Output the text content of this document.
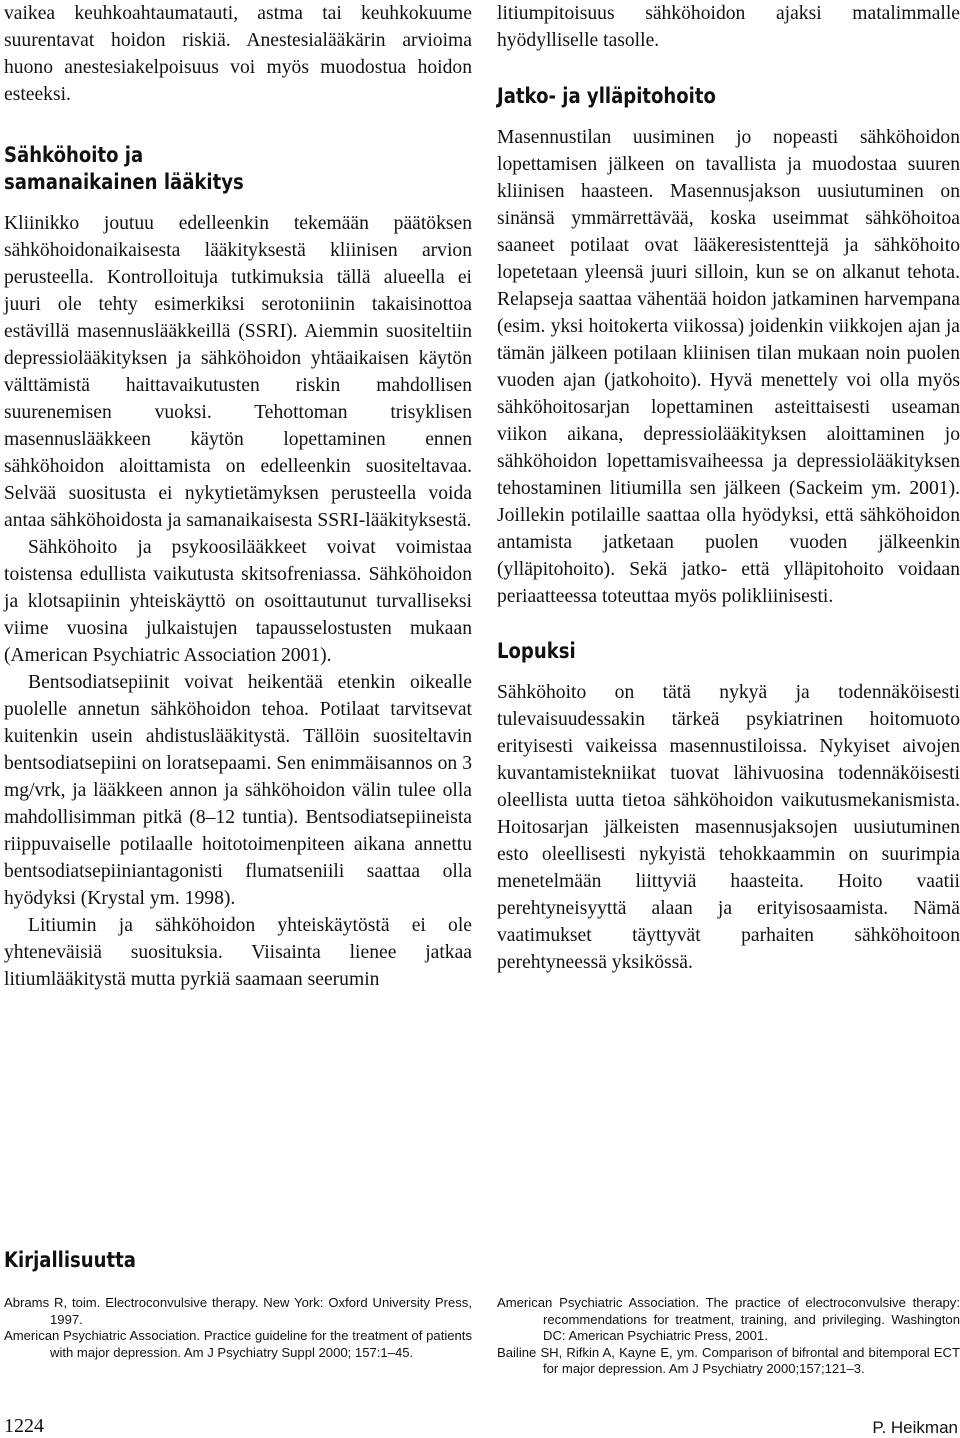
vaikea keuhkoahtaumatauti, astma tai keuhkokuume suurentavat hoidon riskiä. Anestesialääkärin arvioima huono anestesiakelpoisuus voi myös muodostua hoidon esteeksi.

Sähköhoito ja samanaikainen lääkitys

Kliinikko joutuu edelleenkin tekemään päätöksen sähköhoidonaikaisesta lääkityksestä kliinisen arvion perusteella. Kontrolloituja tutkimuksia tällä alueella ei juuri ole tehty esimerkiksi serotoniinin takaisinottoa estävillä masennuslääkkeillä (SSRI). Aiemmin suositeltiin depressiolääkityksen ja sähköhoidon yhtäaikaisen käytön välttämistä haittavaikutusten riskin mahdollisen suurenemisen vuoksi. Tehottoman trisyklisen masennuslääkkeen käytön lopettaminen ennen sähköhoidon aloittamista on edelleenkin suositeltavaa. Selvää suositusta ei nykytietämyksen perusteella voida antaa sähköhoidosta ja samanaikaisesta SSRI-lääkityksestä.

Sähköhoito ja psykoosilääkkeet voivat voimistaa toistensa edullista vaikutusta skitsofreniassa. Sähköhoidon ja klotsapiinin yhteiskäyttö on osoittautunut turvalliseksi viime vuosina julkaistujen tapausselostusten mukaan (American Psychiatric Association 2001).

Bentsodiatsepiinit voivat heikentää etenkin oikealle puolelle annetun sähköhoidon tehoa. Potilaat tarvitsevat kuitenkin usein ahdistuslääkitystä. Tällöin suositeltavin bentsodiatsepiini on loratsepaami. Sen enimmäisannos on 3 mg/vrk, ja lääkkeen annon ja sähköhoidon välin tulee olla mahdollisimman pitkä (8–12 tuntia). Bentsodiatsepiineista riippuvaiselle potilaalle hoitotoimenpiteen aikana annettu bentsodiatsepiiniantagonisti flumatseniili saattaa olla hyödyksi (Krystal ym. 1998).

Litiumin ja sähköhoidon yhteiskäytöstä ei ole yhteneväisiä suosituksia. Viisainta lienee jatkaa litiumlääkitystä mutta pyrkiä saamaan seerumin

litiumpitoisuus sähköhoidon ajaksi matalimmalle hyödylliselle tasolle.

Jatko- ja ylläpitohoito

Masennustilan uusiminen jo nopeasti sähköhoidon lopettamisen jälkeen on tavallista ja muodostaa suuren kliinisen haasteen. Masennusjakson uusiutuminen on sinänsä ymmärrettävää, koska useimmat sähköhoitoa saaneet potilaat ovat lääkeresistenttejä ja sähköhoito lopetetaan yleensä juuri silloin, kun se on alkanut tehota. Relapseja saattaa vähentää hoidon jatkaminen harvempana (esim. yksi hoitokerta viikossa) joidenkin viikkojen ajan ja tämän jälkeen potilaan kliinisen tilan mukaan noin puolen vuoden ajan (jatkohoito). Hyvä menettely voi olla myös sähköhoitosarjan lopettaminen asteittaisesti useaman viikon aikana, depressiolääkityksen aloittaminen jo sähköhoidon lopettamisvaiheessa ja depressiolääkityksen tehostaminen litiumilla sen jälkeen (Sackeim ym. 2001). Joillekin potilaille saattaa olla hyödyksi, että sähköhoidon antamista jatketaan puolen vuoden jälkeenkin (ylläpitohoito). Sekä jatko- että ylläpitohoito voidaan periaatteessa toteuttaa myös polikliinisesti.

Lopuksi

Sähköhoito on tätä nykyä ja todennäköisesti tulevaisuudessakin tärkeä psykiatrinen hoitomuoto erityisesti vaikeissa masennustiloissa. Nykyiset aivojen kuvantamistekniikat tuovat lähivuosina todennäköisesti oleellista uutta tietoa sähköhoidon vaikutusmekanismista. Hoitosarjan jälkeisten masennusjaksojen uusiutuminen esto oleellisesti nykyistä tehokkaammin on suurimpia menetelmään liittyviä haasteita. Hoito vaatii perehtyneisyyttä alaan ja erityisosaamista. Nämä vaatimukset täyttyvät parhaiten sähköhoitoon perehtyneessä yksikössä.

Kirjallisuutta

Abrams R, toim. Electroconvulsive therapy. New York: Oxford University Press, 1997.

American Psychiatric Association. Practice guideline for the treatment of patients with major depression. Am J Psychiatry Suppl 2000; 157:1–45.

American Psychiatric Association. The practice of electroconvulsive therapy: recommendations for treatment, training, and privileging. Washington DC: American Psychiatric Press, 2001.

Bailine SH, Rifkin A, Kayne E, ym. Comparison of bifrontal and bitemporal ECT for major depression. Am J Psychiatry 2000;157;121–3.

1224	P. Heikman
